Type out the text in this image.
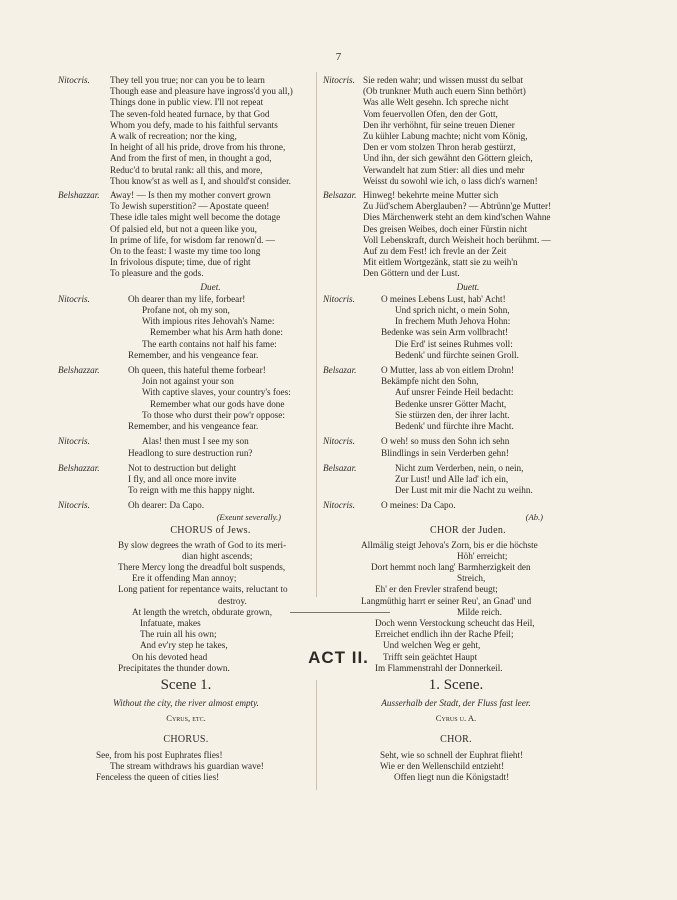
7
Nitocris. They tell you true; nor can you be to learn
Though ease and pleasure have ingross'd you all,)
Things done in public view. I'll not repeat
The seven-fold heated furnace, by that God
Whom you defy, made to his faithful servants
A walk of recreation; nor the king,
In height of all his pride, drove from his throne,
And from the first of men, in thought a god,
Reduc'd to brutal rank: all this, and more,
Thou know'st as well as I, and should'st consider.
Belshazzar. Away! — Is then my mother convert grown
To Jewish superstition? — Apostate queen!
These idle tales might well become the dotage
Of palsied eld, but not a queen like you,
In prime of life, for wisdom far renown'd. —
On to the feast: I waste my time too long
In frivolous dispute; time, due of right
To pleasure and the gods.
Duet.
Nitocris.	Oh dearer than my life, forbear!
Profane not, oh my son,
With impious rites Jehovah's Name:
Remember what his Arm hath done:
The earth contains not half his fame:
Remember, and his vengeance fear.
Belshazzar.	Oh queen, this hateful theme forbear!
Join not against your son
With captive slaves, your country's foes:
Remember what our gods have done
To those who durst their pow'r oppose:
Remember, and his vengeance fear.
Nitocris.	Alas! then must I see my son
Headlong to sure destruction run?
Belshazzar.	Not to destruction but delight
I fly, and all once more invite
To reign with me this happy night.
Nitocris.	Oh dearer: Da Capo.
(Exeunt severally.)
CHORUS of Jews.
By slow degrees the wrath of God to its meri-
dian hight ascends;
There Mercy long the dreadful bolt suspends,
Ere it offending Man annoy;
Long patient for repentance waits, reluctant to
destroy.
At length the wretch, obdurate grown,
Infatuate, makes
The ruin all his own;
And ev'ry step he takes,
On his devoted head
Precipitates the thunder down.
Nitocris. Sie reden wahr; und wissen musst du selbat
(Ob trunkner Muth auch euern Sinn bethört)
Was alle Welt gesehn. Ich spreche nicht
Vom feuervollen Ofen, den der Gott,
Den ihr verhöhnt, für seine treuen Diener
Zu kühler Labung machte; nicht vom König,
Den er vom stolzen Thron herab gestürzt,
Und ihn, der sich gewähnt den Göttern gleich,
Verwandelt hat zum Stier: all dies und mehr
Weisst du sowohl wie ich, o lass dich's warnen!
Belsazar. Hinweg! bekehrte meine Mutter sich
Zu Jüd'schem Aberglauben? — Abtrünn'ge Mutter!
Dies Märchenwerk steht an dem kind'schen Wahne
Des greisen Weibes, doch einer Fürstin nicht
Voll Lebenskraft, durch Weisheit hoch berühmt. —
Auf zu dem Fest! ich frevle an der Zeit
Mit eitlem Wortgezänk, statt sie zu weih'n
Den Göttern und der Lust.
Duett.
Nitocris.	O meines Lebens Lust, hab' Acht!
Und sprich nicht, o mein Sohn,
In frechem Muth Jehova Hohn:
Bedenke was sein Arm vollbracht!
Die Erd' ist seines Ruhmes voll:
Bedenk' und fürchte seinen Groll.
Belsazar.	O Mutter, lass ab von eitlem Drohn!
Bekämpfe nicht den Sohn,
Auf unsrer Feinde Heil bedacht:
Bedenke unsrer Götter Macht,
Sie stürzen den, der ihrer lacht.
Bedenk' und fürchte ihre Macht.
Nitocris.	O weh! so muss den Sohn ich sehn
Blindlings in sein Verderben gehn!
Belsazar.	Nicht zum Verderben, nein, o nein,
Zur Lust! und Alle lad' ich ein,
Der Lust mit mir die Nacht zu weihn.
Nitocris.	O meines: Da Capo.
(Ab.)
CHOR der Juden.
Allmälig steigt Jehova's Zorn, bis er die höchste
Höh' erreicht;
Dort hemmt noch lang' Barmherzigkeit den
Streich,
Eh' er den Frevler strafend beugt;
Langmüthig harrt er seiner Reu', an Gnad' und
Milde reich.
Doch wenn Verstockung scheucht das Heil,
Erreichet endlich ihn der Rache Pfeil;
Und welchen Weg er geht,
Trifft sein geächtet Haupt
Im Flammenstrahl der Donnerkeil.
ACT II.
Scene 1.
Without the city, the river almost empty.
Cyrus, etc.
CHORUS.
See, from his post Euphrates flies!
The stream withdraws his guardian wave!
Fenceless the queen of cities lies!
1. Scene.
Ausserhalb der Stadt, der Fluss fast leer.
Cyrus u. A.
CHOR.
Seht, wie so schnell der Euphrat flieht!
Wie er den Wellenschild entzieht!
Offen liegt nun die Königstadt!
